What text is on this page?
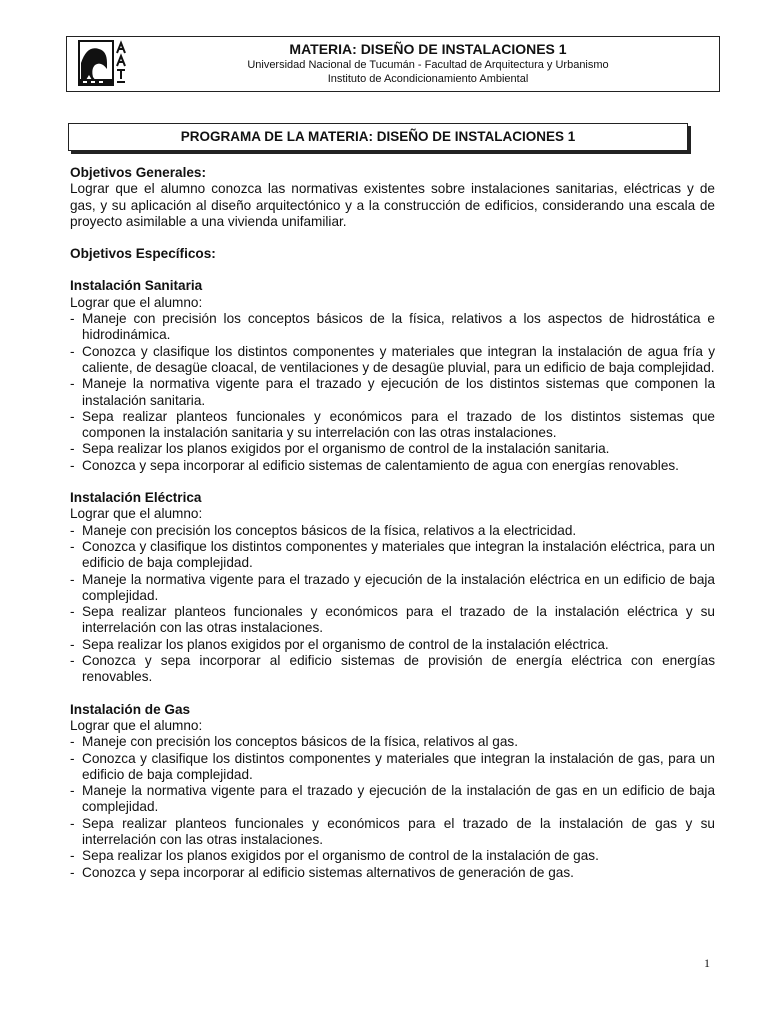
MATERIA: DISEÑO DE INSTALACIONES 1
Universidad Nacional de Tucumán - Facultad de Arquitectura y Urbanismo
Instituto de Acondicionamiento Ambiental
PROGRAMA DE LA MATERIA: DISEÑO DE INSTALACIONES 1

Objetivos Generales:

Lograr que el alumno conozca las normativas existentes sobre instalaciones sanitarias, eléctricas y de gas, y su aplicación al diseño arquitectónico y a la construcción de edificios, considerando una escala de proyecto asimilable a una vivienda unifamiliar.

Objetivos Específicos:

Instalación Sanitaria

Lograr que el alumno:

- Maneje con precisión los conceptos básicos de la física, relativos a los aspectos de hidrostática e hidrodinámica.
- Conozca y clasifique los distintos componentes y materiales que integran la instalación de agua fría y caliente, de desagüe cloacal, de ventilaciones y de desagüe pluvial, para un edificio de baja complejidad.
- Maneje la normativa vigente para el trazado y ejecución de los distintos sistemas que componen la instalación sanitaria.
- Sepa realizar planteos funcionales y económicos para el trazado de los distintos sistemas que componen la instalación sanitaria y su interrelación con las otras instalaciones.
- Sepa realizar los planos exigidos por el organismo de control de la instalación sanitaria.
- Conozca y sepa incorporar al edificio sistemas de calentamiento de agua con energías renovables.

Instalación Eléctrica

Lograr que el alumno:

- Maneje con precisión los conceptos básicos de la física, relativos a la electricidad.
- Conozca y clasifique los distintos componentes y materiales que integran la instalación eléctrica, para un edificio de baja complejidad.
- Maneje la normativa vigente para el trazado y ejecución de la instalación eléctrica en un edificio de baja complejidad.
- Sepa realizar planteos funcionales y económicos para el trazado de la instalación eléctrica y su interrelación con las otras instalaciones.
- Sepa realizar los planos exigidos por el organismo de control de la instalación eléctrica.
- Conozca y sepa incorporar al edificio sistemas de provisión de energía eléctrica con energías renovables.

Instalación de Gas

Lograr que el alumno:

- Maneje con precisión los conceptos básicos de la física, relativos al gas.
- Conozca y clasifique los distintos componentes y materiales que integran la instalación de gas, para un edificio de baja complejidad.
- Maneje la normativa vigente para el trazado y ejecución de la instalación de gas en un edificio de baja complejidad.
- Sepa realizar planteos funcionales y económicos para el trazado de la instalación de gas y su interrelación con las otras instalaciones.
- Sepa realizar los planos exigidos por el organismo de control de la instalación de gas.
- Conozca y sepa incorporar al edificio sistemas alternativos de generación de gas.
1
